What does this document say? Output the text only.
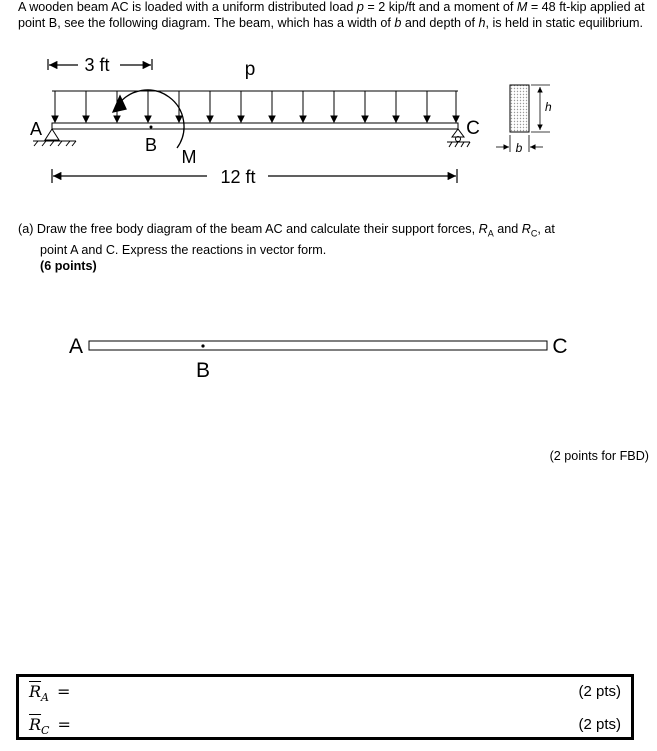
A wooden beam AC is loaded with a uniform distributed load p = 2 kip/ft and a moment of M = 48 ft-kip applied at point B, see the following diagram. The beam, which has a width of b and depth of h, is held in static equilibrium.

3 ft	p
A	C
B
M
12 ft
h
b
(a) Draw the free body diagram of the beam AC and calculate their support forces, $R_A$ and $R_C$, at
point A and C. Express the reactions in vector form.
(6 points)
A
B
C
(2 points for FBD)
$\overline{R}_A$ =	(2 pts)
$\overline{R}_C$ =	(2 pts)
